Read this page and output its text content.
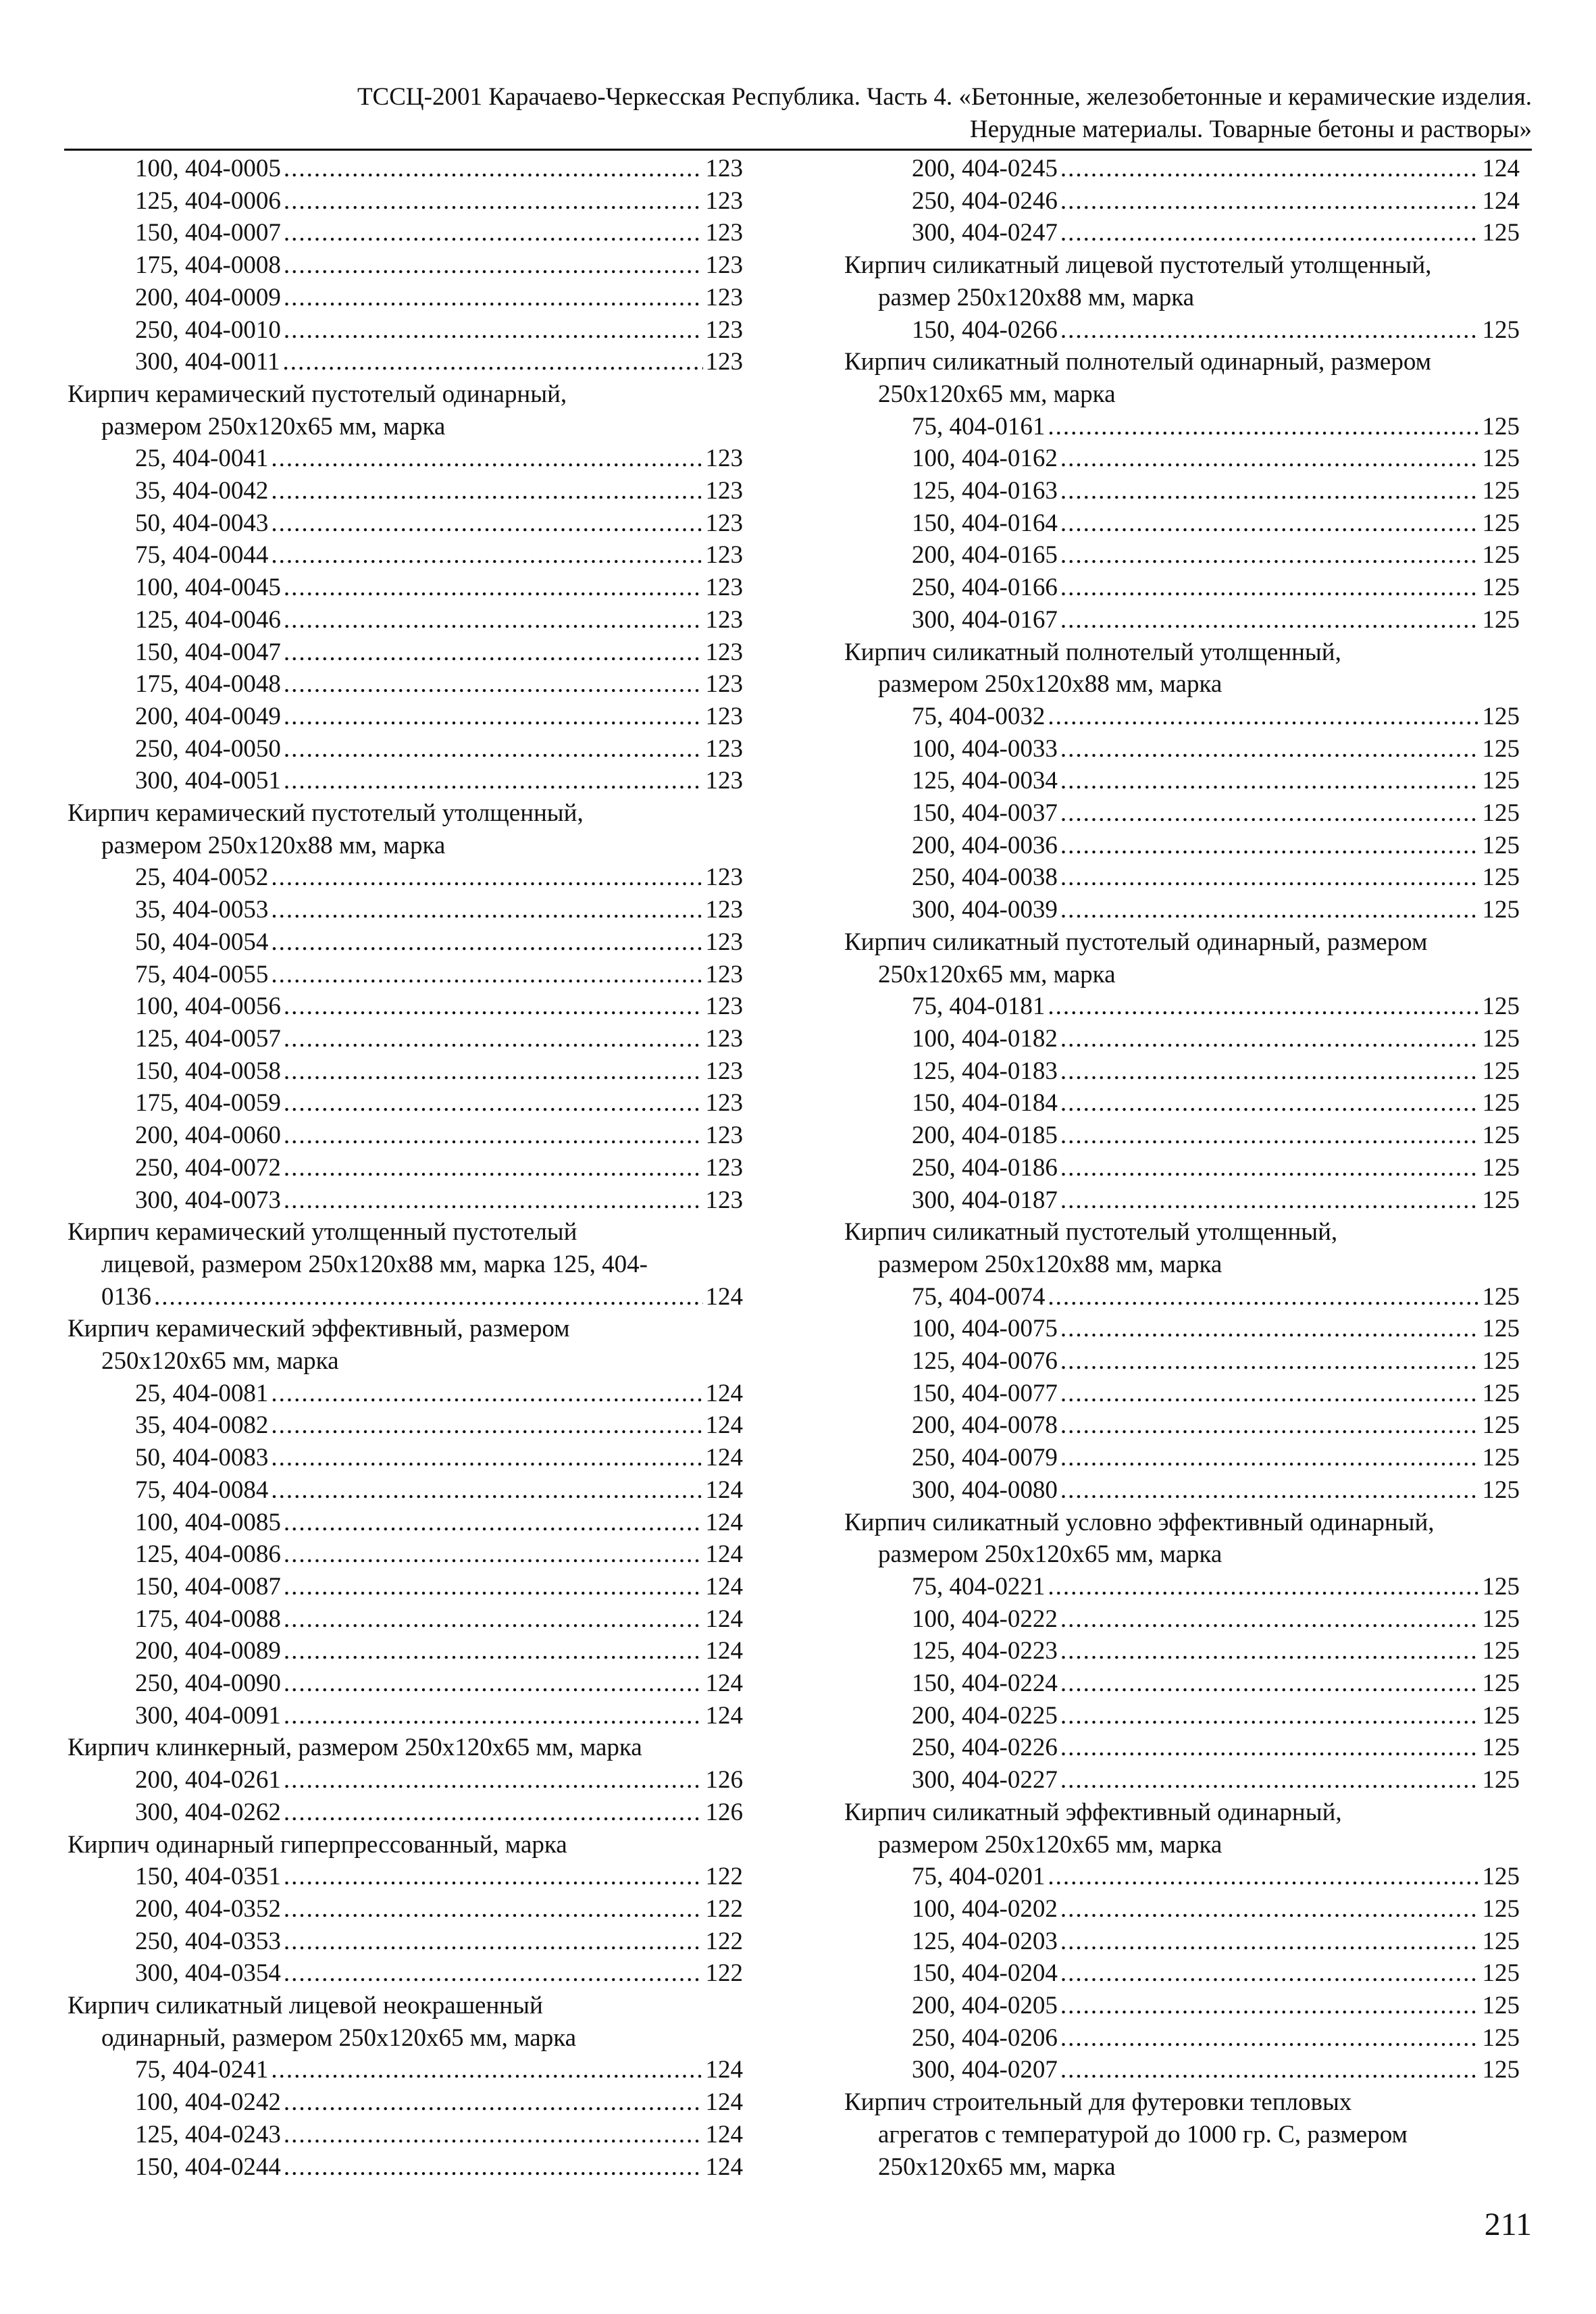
ТССЦ-2001 Карачаево-Черкесская Республика. Часть 4. «Бетонные, железобетонные и керамические изделия.
Нерудные материалы. Товарные бетоны и растворы»
100, 404-0005 .....	123
125, 404-0006 .....	123
150, 404-0007 .....	123
175, 404-0008 .....	123
200, 404-0009 .....	123
250, 404-0010 .....	123
300, 404-0011 .....	123
Кирпич керамический пустотелый одинарный,
размером 250х120х65 мм, марка
25, 404-0041 .....	123
35, 404-0042 .....	123
50, 404-0043 .....	123
75, 404-0044 .....	123
100, 404-0045 .....	123
125, 404-0046 .....	123
150, 404-0047 .....	123
175, 404-0048 .....	123
200, 404-0049 .....	123
250, 404-0050 .....	123
300, 404-0051 .....	123
Кирпич керамический пустотелый утолщенный,
размером 250х120х88 мм, марка
25, 404-0052 .....	123
35, 404-0053 .....	123
50, 404-0054 .....	123
75, 404-0055 .....	123
100, 404-0056 .....	123
125, 404-0057 .....	123
150, 404-0058 .....	123
175, 404-0059 .....	123
200, 404-0060 .....	123
250, 404-0072 .....	123
300, 404-0073 .....	123
Кирпич керамический утолщенный пустотелый
лицевой, размером 250х120х88 мм, марка 125, 404-
0136 .....	124
Кирпич керамический эффективный, размером
250х120х65 мм, марка
25, 404-0081 .....	124
35, 404-0082 .....	124
50, 404-0083 .....	124
75, 404-0084 .....	124
100, 404-0085 .....	124
125, 404-0086 .....	124
150, 404-0087 .....	124
175, 404-0088 .....	124
200, 404-0089 .....	124
250, 404-0090 .....	124
300, 404-0091 .....	124
Кирпич клинкерный, размером 250х120х65 мм, марка
200, 404-0261 .....	126
300, 404-0262 .....	126
Кирпич одинарный гиперпрессованный, марка
150, 404-0351 .....	122
200, 404-0352 .....	122
250, 404-0353 .....	122
300, 404-0354 .....	122
Кирпич силикатный лицевой неокрашенный
одинарный, размером 250х120х65 мм, марка
75, 404-0241 .....	124
100, 404-0242 .....	124
125, 404-0243 .....	124
150, 404-0244 .....	124
200, 404-0245 .....	124
250, 404-0246 .....	124
300, 404-0247 .....	125
Кирпич силикатный лицевой пустотелый утолщенный,
размер 250х120х88 мм, марка
150, 404-0266 .....	125
Кирпич силикатный полнотелый одинарный, размером
250х120х65 мм, марка
75, 404-0161 .....	125
100, 404-0162 .....	125
125, 404-0163 .....	125
150, 404-0164 .....	125
200, 404-0165 .....	125
250, 404-0166 .....	125
300, 404-0167 .....	125
Кирпич силикатный полнотелый утолщенный,
размером 250х120х88 мм, марка
75, 404-0032 .....	125
100, 404-0033 .....	125
125, 404-0034 .....	125
150, 404-0037 .....	125
200, 404-0036 .....	125
250, 404-0038 .....	125
300, 404-0039 .....	125
Кирпич силикатный пустотелый одинарный, размером
250х120х65 мм, марка
75, 404-0181 .....	125
100, 404-0182 .....	125
125, 404-0183 .....	125
150, 404-0184 .....	125
200, 404-0185 .....	125
250, 404-0186 .....	125
300, 404-0187 .....	125
Кирпич силикатный пустотелый утолщенный,
размером 250х120х88 мм, марка
75, 404-0074 .....	125
100, 404-0075 .....	125
125, 404-0076 .....	125
150, 404-0077 .....	125
200, 404-0078 .....	125
250, 404-0079 .....	125
300, 404-0080 .....	125
Кирпич силикатный условно эффективный одинарный,
размером 250х120х65 мм, марка
75, 404-0221 .....	125
100, 404-0222 .....	125
125, 404-0223 .....	125
150, 404-0224 .....	125
200, 404-0225 .....	125
250, 404-0226 .....	125
300, 404-0227 .....	125
Кирпич силикатный эффективный одинарный,
размером 250х120х65 мм, марка
75, 404-0201 .....	125
100, 404-0202 .....	125
125, 404-0203 .....	125
150, 404-0204 .....	125
200, 404-0205 .....	125
250, 404-0206 .....	125
300, 404-0207 .....	125
Кирпич строительный для футеровки тепловых
агрегатов с температурой до 1000 гр. С, размером
250х120х65 мм, марка
211
